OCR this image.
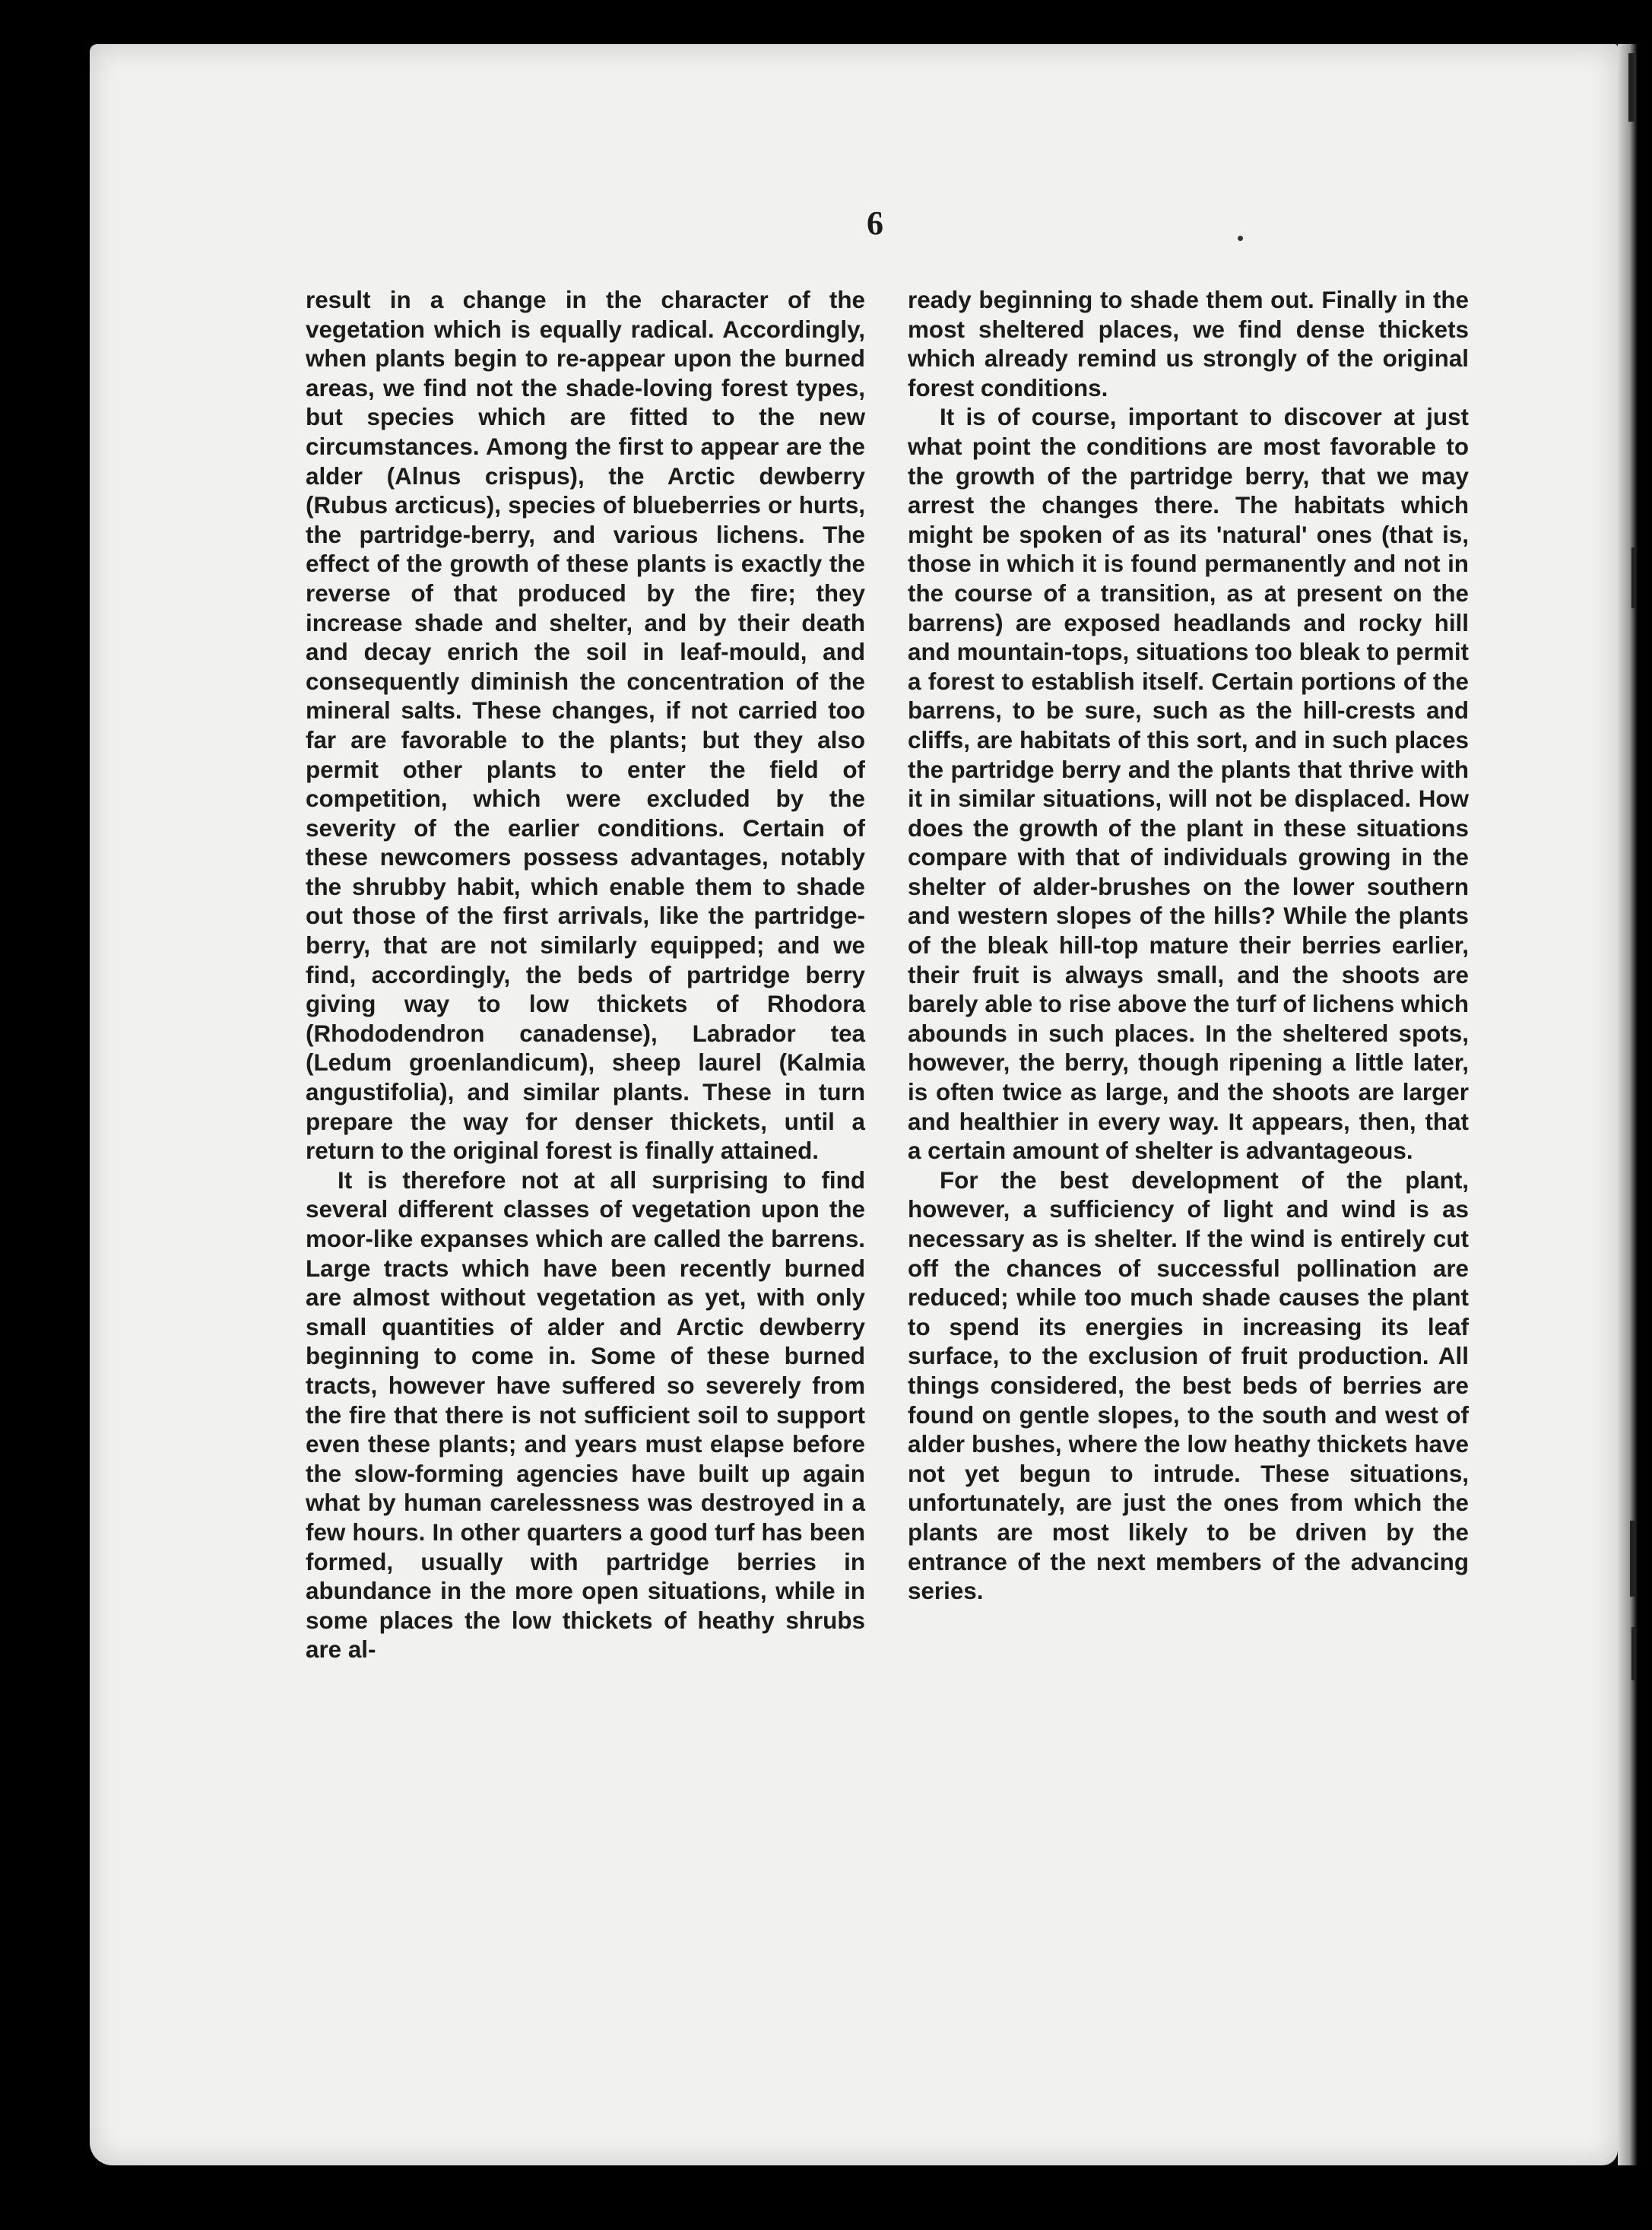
6

result in a change in the character of the vegetation which is equally radical. Accordingly, when plants begin to re-appear upon the burned areas, we find not the shade-loving forest types, but species which are fitted to the new circumstances. Among the first to appear are the alder (Alnus crispus), the Arctic dewberry (Rubus arcticus), species of blueberries or hurts, the partridge-berry, and various lichens. The effect of the growth of these plants is exactly the reverse of that produced by the fire; they increase shade and shelter, and by their death and decay enrich the soil in leaf-mould, and consequently diminish the concentration of the mineral salts. These changes, if not carried too far are favorable to the plants; but they also permit other plants to enter the field of competition, which were excluded by the severity of the earlier conditions. Certain of these newcomers possess advantages, notably the shrubby habit, which enable them to shade out those of the first arrivals, like the partridge-berry, that are not similarly equipped; and we find, accordingly, the beds of partridge berry giving way to low thickets of Rhodora (Rhododendron canadense), Labrador tea (Ledum groenlandicum), sheep laurel (Kalmia angustifolia), and similar plants. These in turn prepare the way for denser thickets, until a return to the original forest is finally attained.

It is therefore not at all surprising to find several different classes of vegetation upon the moor-like expanses which are called the barrens. Large tracts which have been recently burned are almost without vegetation as yet, with only small quantities of alder and Arctic dewberry beginning to come in. Some of these burned tracts, however have suffered so severely from the fire that there is not sufficient soil to support even these plants; and years must elapse before the slow-forming agencies have built up again what by human carelessness was destroyed in a few hours. In other quarters a good turf has been formed, usually with partridge berries in abundance in the more open situations, while in some places the low thickets of heathy shrubs are al-

ready beginning to shade them out. Finally in the most sheltered places, we find dense thickets which already remind us strongly of the original forest conditions.

It is of course, important to discover at just what point the conditions are most favorable to the growth of the partridge berry, that we may arrest the changes there. The habitats which might be spoken of as its 'natural' ones (that is, those in which it is found permanently and not in the course of a transition, as at present on the barrens) are exposed headlands and rocky hill and mountain-tops, situations too bleak to permit a forest to establish itself. Certain portions of the barrens, to be sure, such as the hill-crests and cliffs, are habitats of this sort, and in such places the partridge berry and the plants that thrive with it in similar situations, will not be displaced. How does the growth of the plant in these situations compare with that of individuals growing in the shelter of alder-brushes on the lower southern and western slopes of the hills? While the plants of the bleak hill-top mature their berries earlier, their fruit is always small, and the shoots are barely able to rise above the turf of lichens which abounds in such places. In the sheltered spots, however, the berry, though ripening a little later, is often twice as large, and the shoots are larger and healthier in every way. It appears, then, that a certain amount of shelter is advantageous.

For the best development of the plant, however, a sufficiency of light and wind is as necessary as is shelter. If the wind is entirely cut off the chances of successful pollination are reduced; while too much shade causes the plant to spend its energies in increasing its leaf surface, to the exclusion of fruit production. All things considered, the best beds of berries are found on gentle slopes, to the south and west of alder bushes, where the low heathy thickets have not yet begun to intrude. These situations, unfortunately, are just the ones from which the plants are most likely to be driven by the entrance of the next members of the advancing series.
